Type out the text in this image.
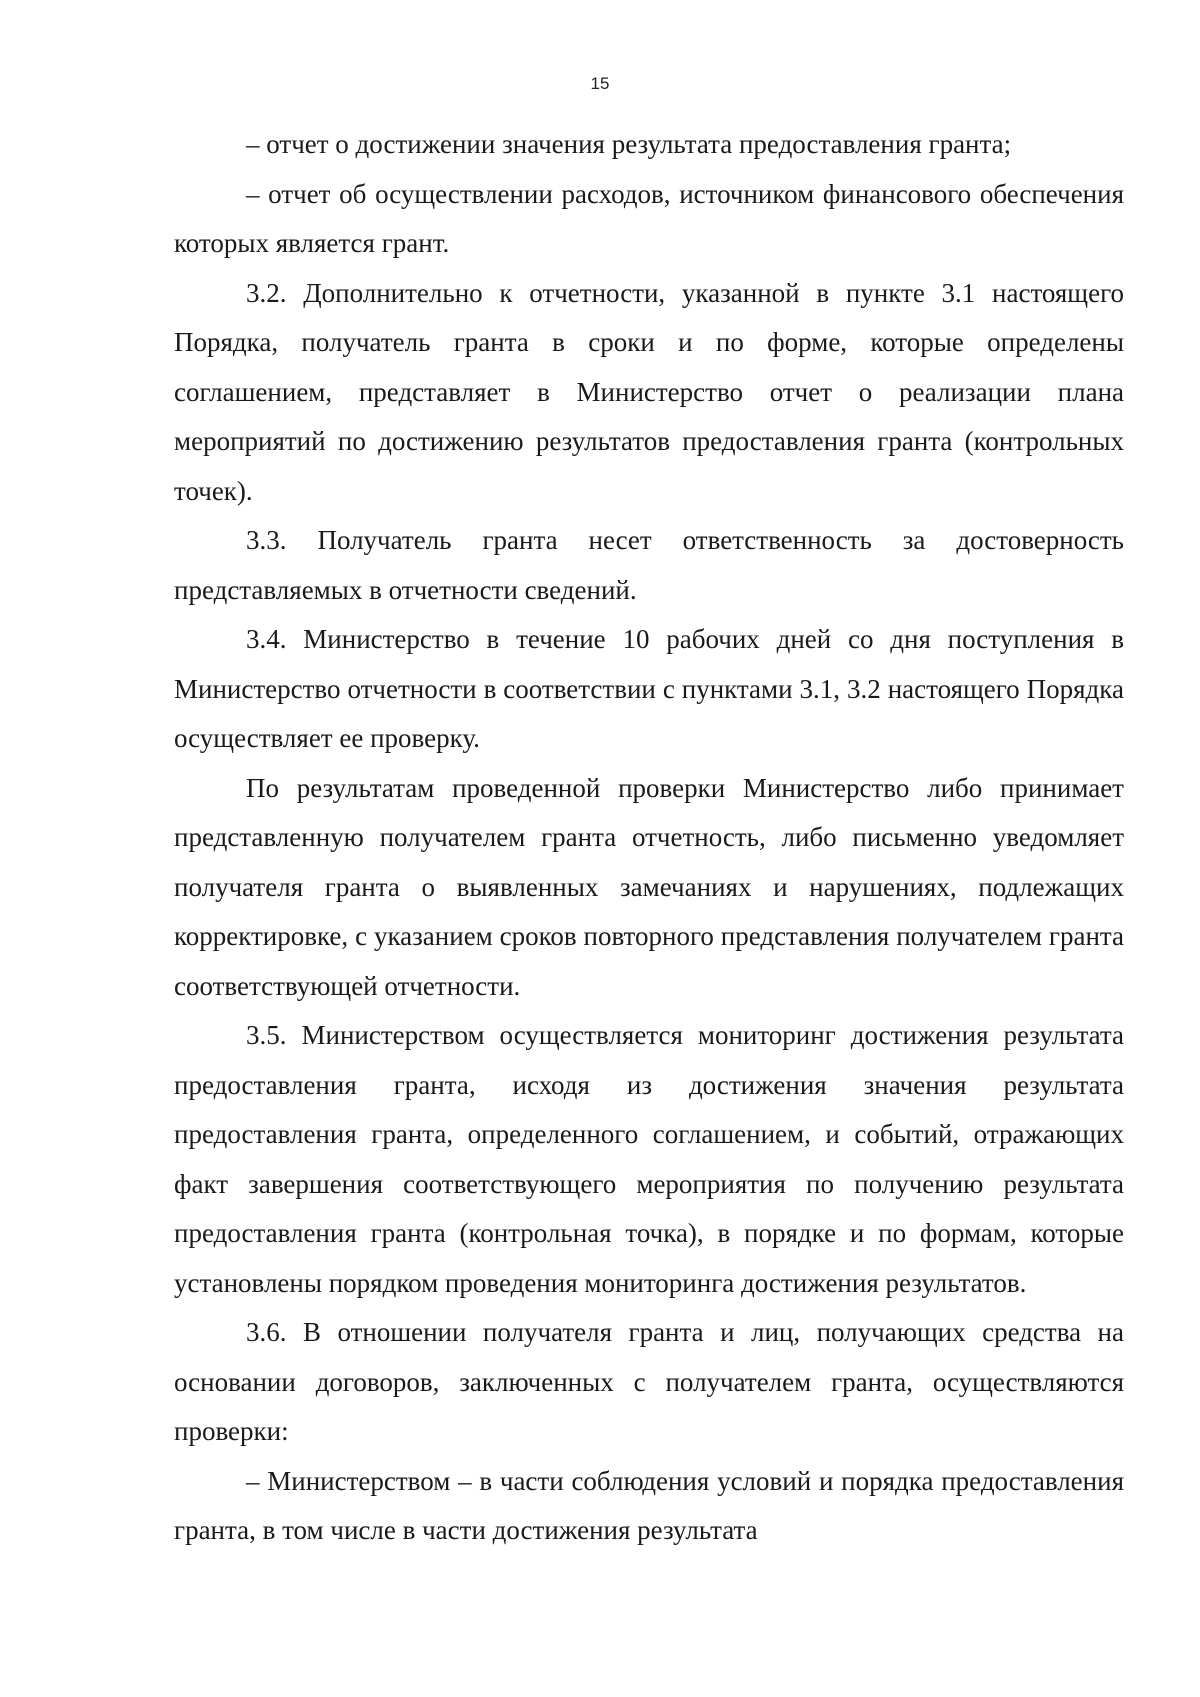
15

– отчет о достижении значения результата предоставления гранта;

– отчет об осуществлении расходов, источником финансового обеспечения которых является грант.

3.2. Дополнительно к отчетности, указанной в пункте 3.1 настоящего Порядка, получатель гранта в сроки и по форме, которые определены соглашением, представляет в Министерство отчет о реализации плана мероприятий по достижению результатов предоставления гранта (контрольных точек).

3.3. Получатель гранта несет ответственность за достоверность представляемых в отчетности сведений.

3.4. Министерство в течение 10 рабочих дней со дня поступления в Министерство отчетности в соответствии с пунктами 3.1, 3.2 настоящего Порядка осуществляет ее проверку.

По результатам проведенной проверки Министерство либо принимает представленную получателем гранта отчетность, либо письменно уведомляет получателя гранта о выявленных замечаниях и нарушениях, подлежащих корректировке, с указанием сроков повторного представления получателем гранта соответствующей отчетности.

3.5. Министерством осуществляется мониторинг достижения результата предоставления гранта, исходя из достижения значения результата предоставления гранта, определенного соглашением, и событий, отражающих факт завершения соответствующего мероприятия по получению результата предоставления гранта (контрольная точка), в порядке и по формам, которые установлены порядком проведения мониторинга достижения результатов.

3.6. В отношении получателя гранта и лиц, получающих средства на основании договоров, заключенных с получателем гранта, осуществляются проверки:

– Министерством – в части соблюдения условий и порядка предоставления гранта, в том числе в части достижения результата
